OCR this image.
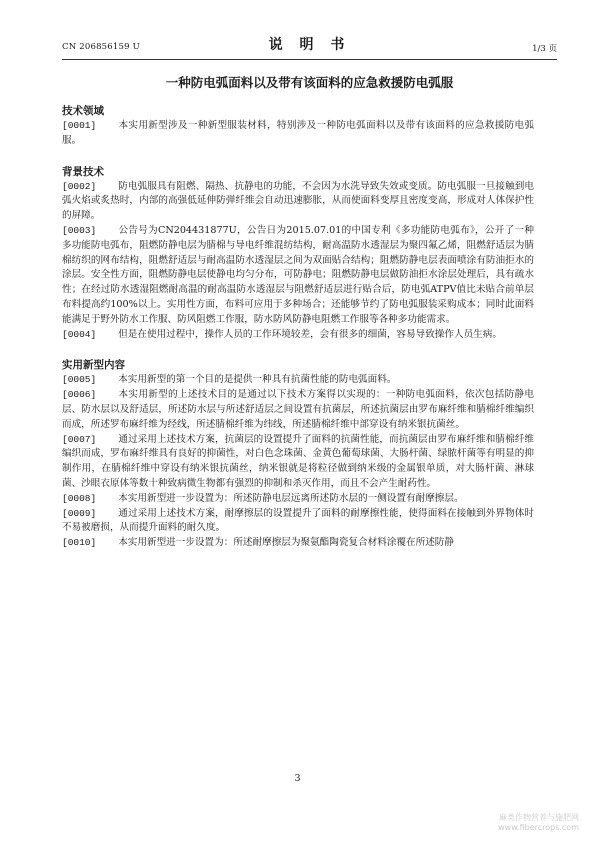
CN 206856159 U	说 明 书	1/3 页
一种防电弧面料以及带有该面料的应急救援防电弧服

技术领域

[0001] 本实用新型涉及一种新型服装材料，特别涉及一种防电弧面料以及带有该面料的应急救援防电弧服。

背景技术

[0002] 防电弧服具有阻燃、隔热、抗静电的功能，不会因为水洗导致失效或变质。防电弧服一旦接触到电弧火焰或炙热时，内部的高强低延伸防弹纤维会自动迅速膨胀，从而使面料变厚且密度变高，形成对人体保护性的屏障。

[0003] 公告号为CN204431877U，公告日为2015.07.01的中国专利《多功能防电弧布》，公开了一种多功能防电弧布，阻燃防静电层为腈棉与导电纤维混纺结构，耐高温防水透湿层为聚四氟乙烯，阻燃舒适层为腈棉纺织的网布结构，阻燃舒适层与耐高温防水透湿层之间为双面贴合结构；阻燃防静电层表面喷涂有防油拒水的涂层。安全性方面，阻燃防静电层使静电均匀分布，可防静电；阻燃防静电层做防油拒水涂层处理后，具有疏水性；在经过防水透湿阻燃耐高温的耐高温防水透湿层与阻燃舒适层进行贴合后，防电弧ATPV值比未贴合前单层布料提高约100%以上。实用性方面，布料可应用于多种场合；还能够节约了防电弧服装采购成本；同时此面料能满足于野外防水工作服、防风阻燃工作服，防水防风防静电阻燃工作服等各种多功能需求。

[0004] 但是在使用过程中，操作人员的工作环境较差，会有很多的细菌，容易导致操作人员生病。

实用新型内容

[0005] 本实用新型的第一个目的是提供一种具有抗菌性能的防电弧面料。

[0006] 本实用新型的上述技术目的是通过以下技术方案得以实现的：一种防电弧面料，依次包括防静电层、防水层以及舒适层，所述防水层与所述舒适层之间设置有抗菌层，所述抗菌层由罗布麻纤维和腈棉纤维编织而成，所述罗布麻纤维为经线，所述腈棉纤维为纬线，所述腈棉纤维中部穿设有纳米银抗菌丝。

[0007] 通过采用上述技术方案，抗菌层的设置提升了面料的抗菌性能，而抗菌层由罗布麻纤维和腈棉纤维编织而成，罗布麻纤维具有良好的抑菌性，对白色念珠菌、金黄色葡萄球菌、大肠杆菌、绿脓杆菌等有明显的抑制作用，在腈棉纤维中穿设有纳米银抗菌丝，纳米银就是将粒径做到纳米级的金属银单质，对大肠杆菌、淋球菌、沙眼衣原体等数十种致病微生物都有强烈的抑制和杀灭作用，而且不会产生耐药性。

[0008] 本实用新型进一步设置为：所述防静电层远离所述防水层的一侧设置有耐摩擦层。

[0009] 通过采用上述技术方案，耐摩擦层的设置提升了面料的耐摩擦性能，使得面料在接触到外界物体时不易被磨损，从而提升面料的耐久度。

[0010] 本实用新型进一步设置为：所述耐摩擦层为聚氨酯陶瓷复合材料涂覆在所述防静

3
麻类作物营养与施肥网
www.fibercrops.com
